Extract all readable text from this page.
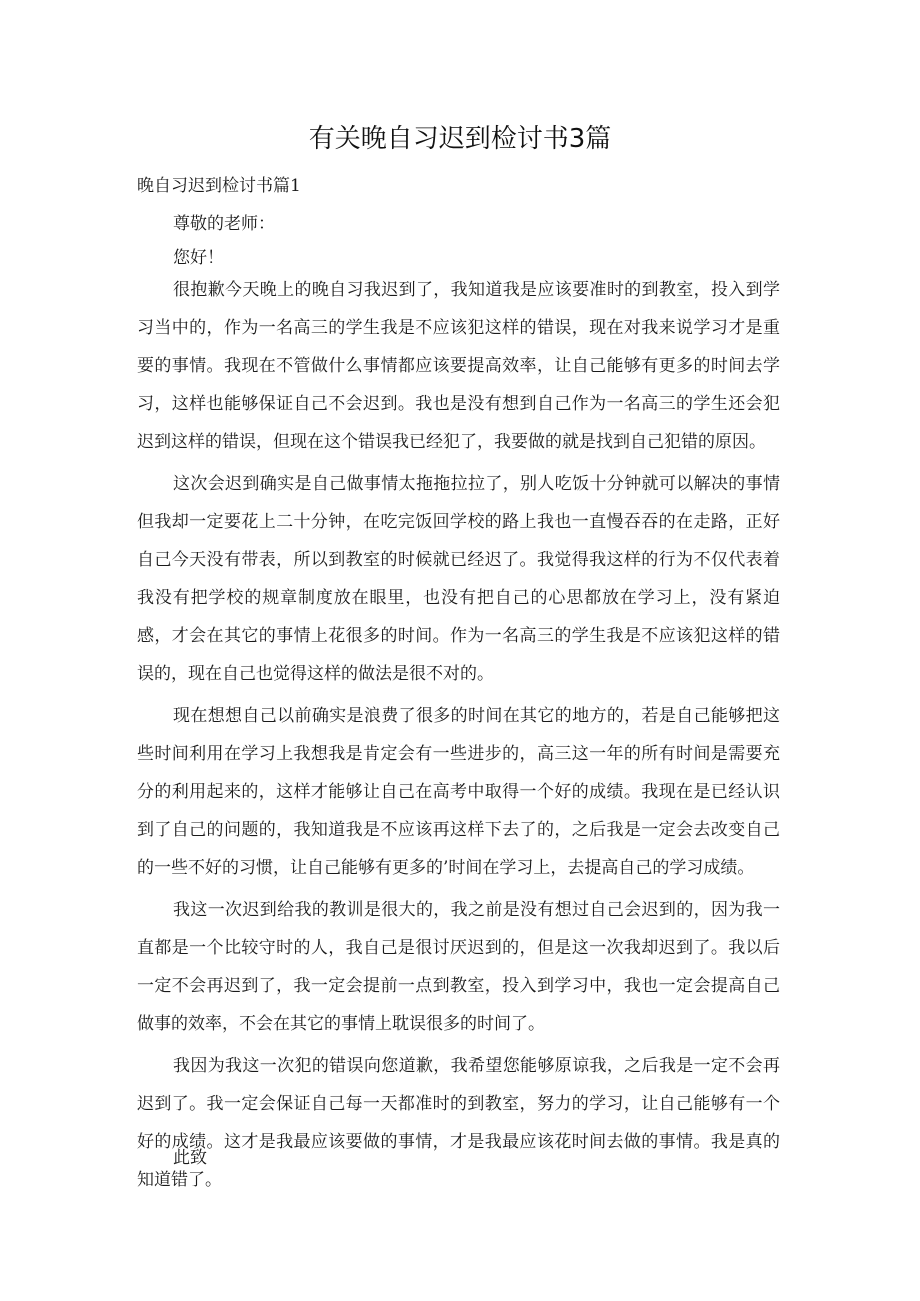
有关晚自习迟到检讨书3篇
晚自习迟到检讨书篇1
尊敬的老师：
您好！

很抱歉今天晚上的晚自习我迟到了，我知道我是应该要准时的到教室，投入到学习当中的，作为一名高三的学生我是不应该犯这样的错误，现在对我来说学习才是重要的事情。我现在不管做什么事情都应该要提高效率，让自己能够有更多的时间去学习，这样也能够保证自己不会迟到。我也是没有想到自己作为一名高三的学生还会犯迟到这样的错误，但现在这个错误我已经犯了，我要做的就是找到自己犯错的原因。

这次会迟到确实是自己做事情太拖拖拉拉了，别人吃饭十分钟就可以解决的事情但我却一定要花上二十分钟，在吃完饭回学校的路上我也一直慢吞吞的在走路，正好自己今天没有带表，所以到教室的时候就已经迟了。我觉得我这样的行为不仅代表着我没有把学校的规章制度放在眼里，也没有把自己的心思都放在学习上，没有紧迫感，才会在其它的事情上花很多的时间。作为一名高三的学生我是不应该犯这样的错误的，现在自己也觉得这样的做法是很不对的。

现在想想自己以前确实是浪费了很多的时间在其它的地方的，若是自己能够把这些时间利用在学习上我想我是肯定会有一些进步的，高三这一年的所有时间是需要充分的利用起来的，这样才能够让自己在高考中取得一个好的成绩。我现在是已经认识到了自己的问题的，我知道我是不应该再这样下去了的，之后我是一定会去改变自己的一些不好的习惯，让自己能够有更多的’时间在学习上，去提高自己的学习成绩。

我这一次迟到给我的教训是很大的，我之前是没有想过自己会迟到的，因为我一直都是一个比较守时的人，我自己是很讨厌迟到的，但是这一次我却迟到了。我以后一定不会再迟到了，我一定会提前一点到教室，投入到学习中，我也一定会提高自己做事的效率，不会在其它的事情上耽误很多的时间了。

我因为我这一次犯的错误向您道歉，我希望您能够原谅我，之后我是一定不会再迟到了。我一定会保证自己每一天都准时的到教室，努力的学习，让自己能够有一个好的成绩。这才是我最应该要做的事情，才是我最应该花时间去做的事情。我是真的知道错了。

此致
